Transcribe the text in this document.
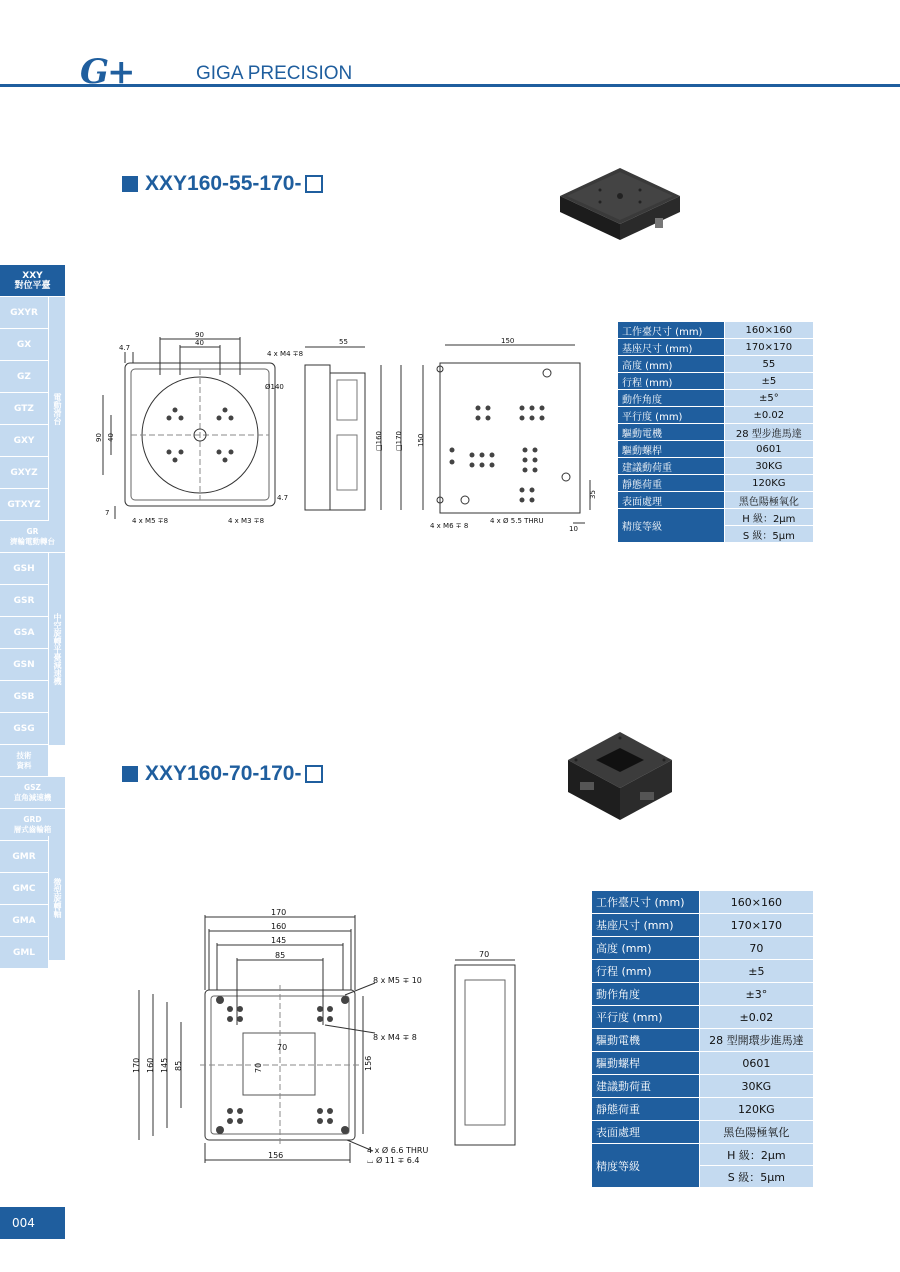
G+	GIGA PRECISION
XXY
對位平臺
GXYR
GX
GZ
GTZ
GXY
GXYZ
GTXYZ
GR
濟輪電動轉台
GSH
GSR
GSA
GSN
GSB
GSG
技術
資料
GSZ
直角減速機
GRD
層式齒輪箱
GMR
GMC
GMA
GML
電動滑台
中空旋轉平臺減速機
微型旋轉軸
XXY160-55-170-
90
40
4.7
4 x M4 ∓8
Ø140
4.7
7
4 x M5 ∓8	4 x M3 ∓8
90 40
55
□160 □170
150
150
4 x M6 ∓ 8
4 x Ø 5.5 THRU
35
10
工作臺尺寸 (mm)	160×160
基座尺寸 (mm)	170×170
高度 (mm)	55
行程 (mm)	±5
動作角度	±5°
平行度 (mm)	±0.02
驅動電機	28 型步進馬達
驅動螺桿	0601
建議動荷重	30KG
靜態荷重	120KG
表面處理	黑色陽極氧化
精度等級	H 級：2μm
	S 級：5μm
XXY160-70-170-
170
160
145
85
170 160 145 85
8 x M5 ∓ 10
8 x M4 ∓ 8
70
70	156
156
4 x Ø 6.6 THRU
⌴ Ø 11 ∓ 6.4
70
工作臺尺寸 (mm)	160×160
基座尺寸 (mm)	170×170
高度 (mm)	70
行程 (mm)	±5
動作角度	±3°
平行度 (mm)	±0.02
驅動電機	28 型開環步進馬達
驅動螺桿	0601
建議動荷重	30KG
靜態荷重	120KG
表面處理	黑色陽極氧化
精度等級	H 級：2μm
	S 級：5μm
004
